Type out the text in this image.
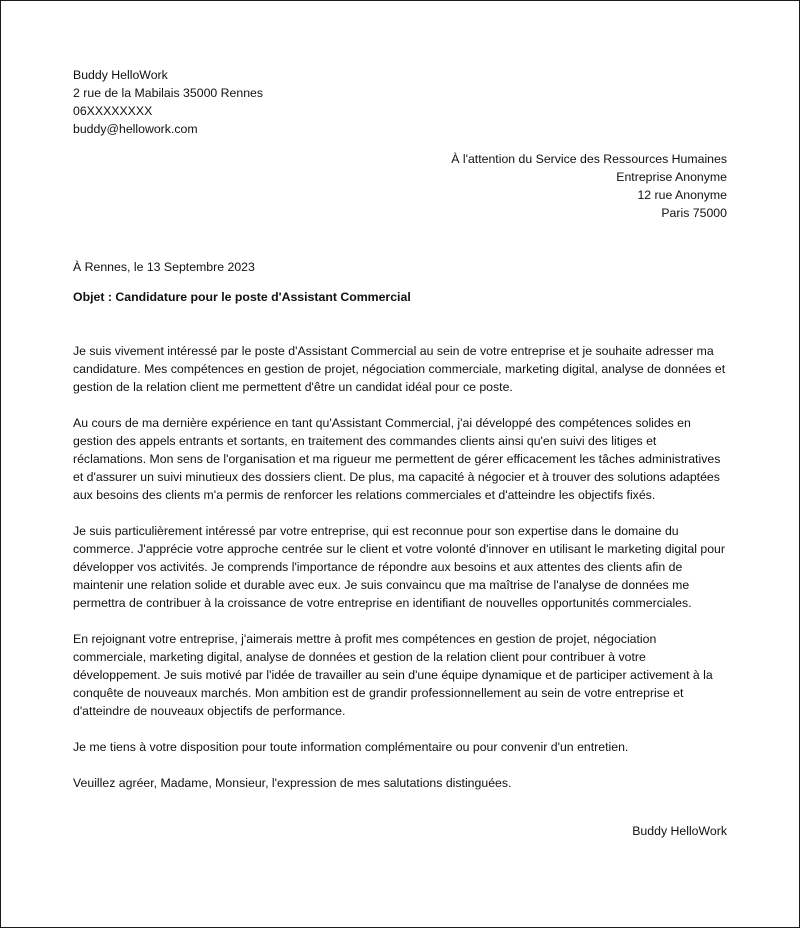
Buddy HelloWork
2 rue de la Mabilais 35000 Rennes
06XXXXXXXX
buddy@hellowork.com
À l'attention du Service des Ressources Humaines
Entreprise Anonyme
12 rue Anonyme
Paris 75000
À Rennes, le 13 Septembre 2023
Objet : Candidature pour le poste d'Assistant Commercial

Je suis vivement intéressé par le poste d'Assistant Commercial au sein de votre entreprise et je souhaite adresser ma candidature. Mes compétences en gestion de projet, négociation commerciale, marketing digital, analyse de données et gestion de la relation client me permettent d'être un candidat idéal pour ce poste.

Au cours de ma dernière expérience en tant qu'Assistant Commercial, j'ai développé des compétences solides en gestion des appels entrants et sortants, en traitement des commandes clients ainsi qu'en suivi des litiges et réclamations. Mon sens de l'organisation et ma rigueur me permettent de gérer efficacement les tâches administratives et d'assurer un suivi minutieux des dossiers client. De plus, ma capacité à négocier et à trouver des solutions adaptées aux besoins des clients m'a permis de renforcer les relations commerciales et d'atteindre les objectifs fixés.

Je suis particulièrement intéressé par votre entreprise, qui est reconnue pour son expertise dans le domaine du commerce. J'apprécie votre approche centrée sur le client et votre volonté d'innover en utilisant le marketing digital pour développer vos activités. Je comprends l'importance de répondre aux besoins et aux attentes des clients afin de maintenir une relation solide et durable avec eux. Je suis convaincu que ma maîtrise de l'analyse de données me permettra de contribuer à la croissance de votre entreprise en identifiant de nouvelles opportunités commerciales.

En rejoignant votre entreprise, j'aimerais mettre à profit mes compétences en gestion de projet, négociation commerciale, marketing digital, analyse de données et gestion de la relation client pour contribuer à votre développement. Je suis motivé par l'idée de travailler au sein d'une équipe dynamique et de participer activement à la conquête de nouveaux marchés. Mon ambition est de grandir professionnellement au sein de votre entreprise et d'atteindre de nouveaux objectifs de performance.

Je me tiens à votre disposition pour toute information complémentaire ou pour convenir d'un entretien.

Veuillez agréer, Madame, Monsieur, l'expression de mes salutations distinguées.

Buddy HelloWork
